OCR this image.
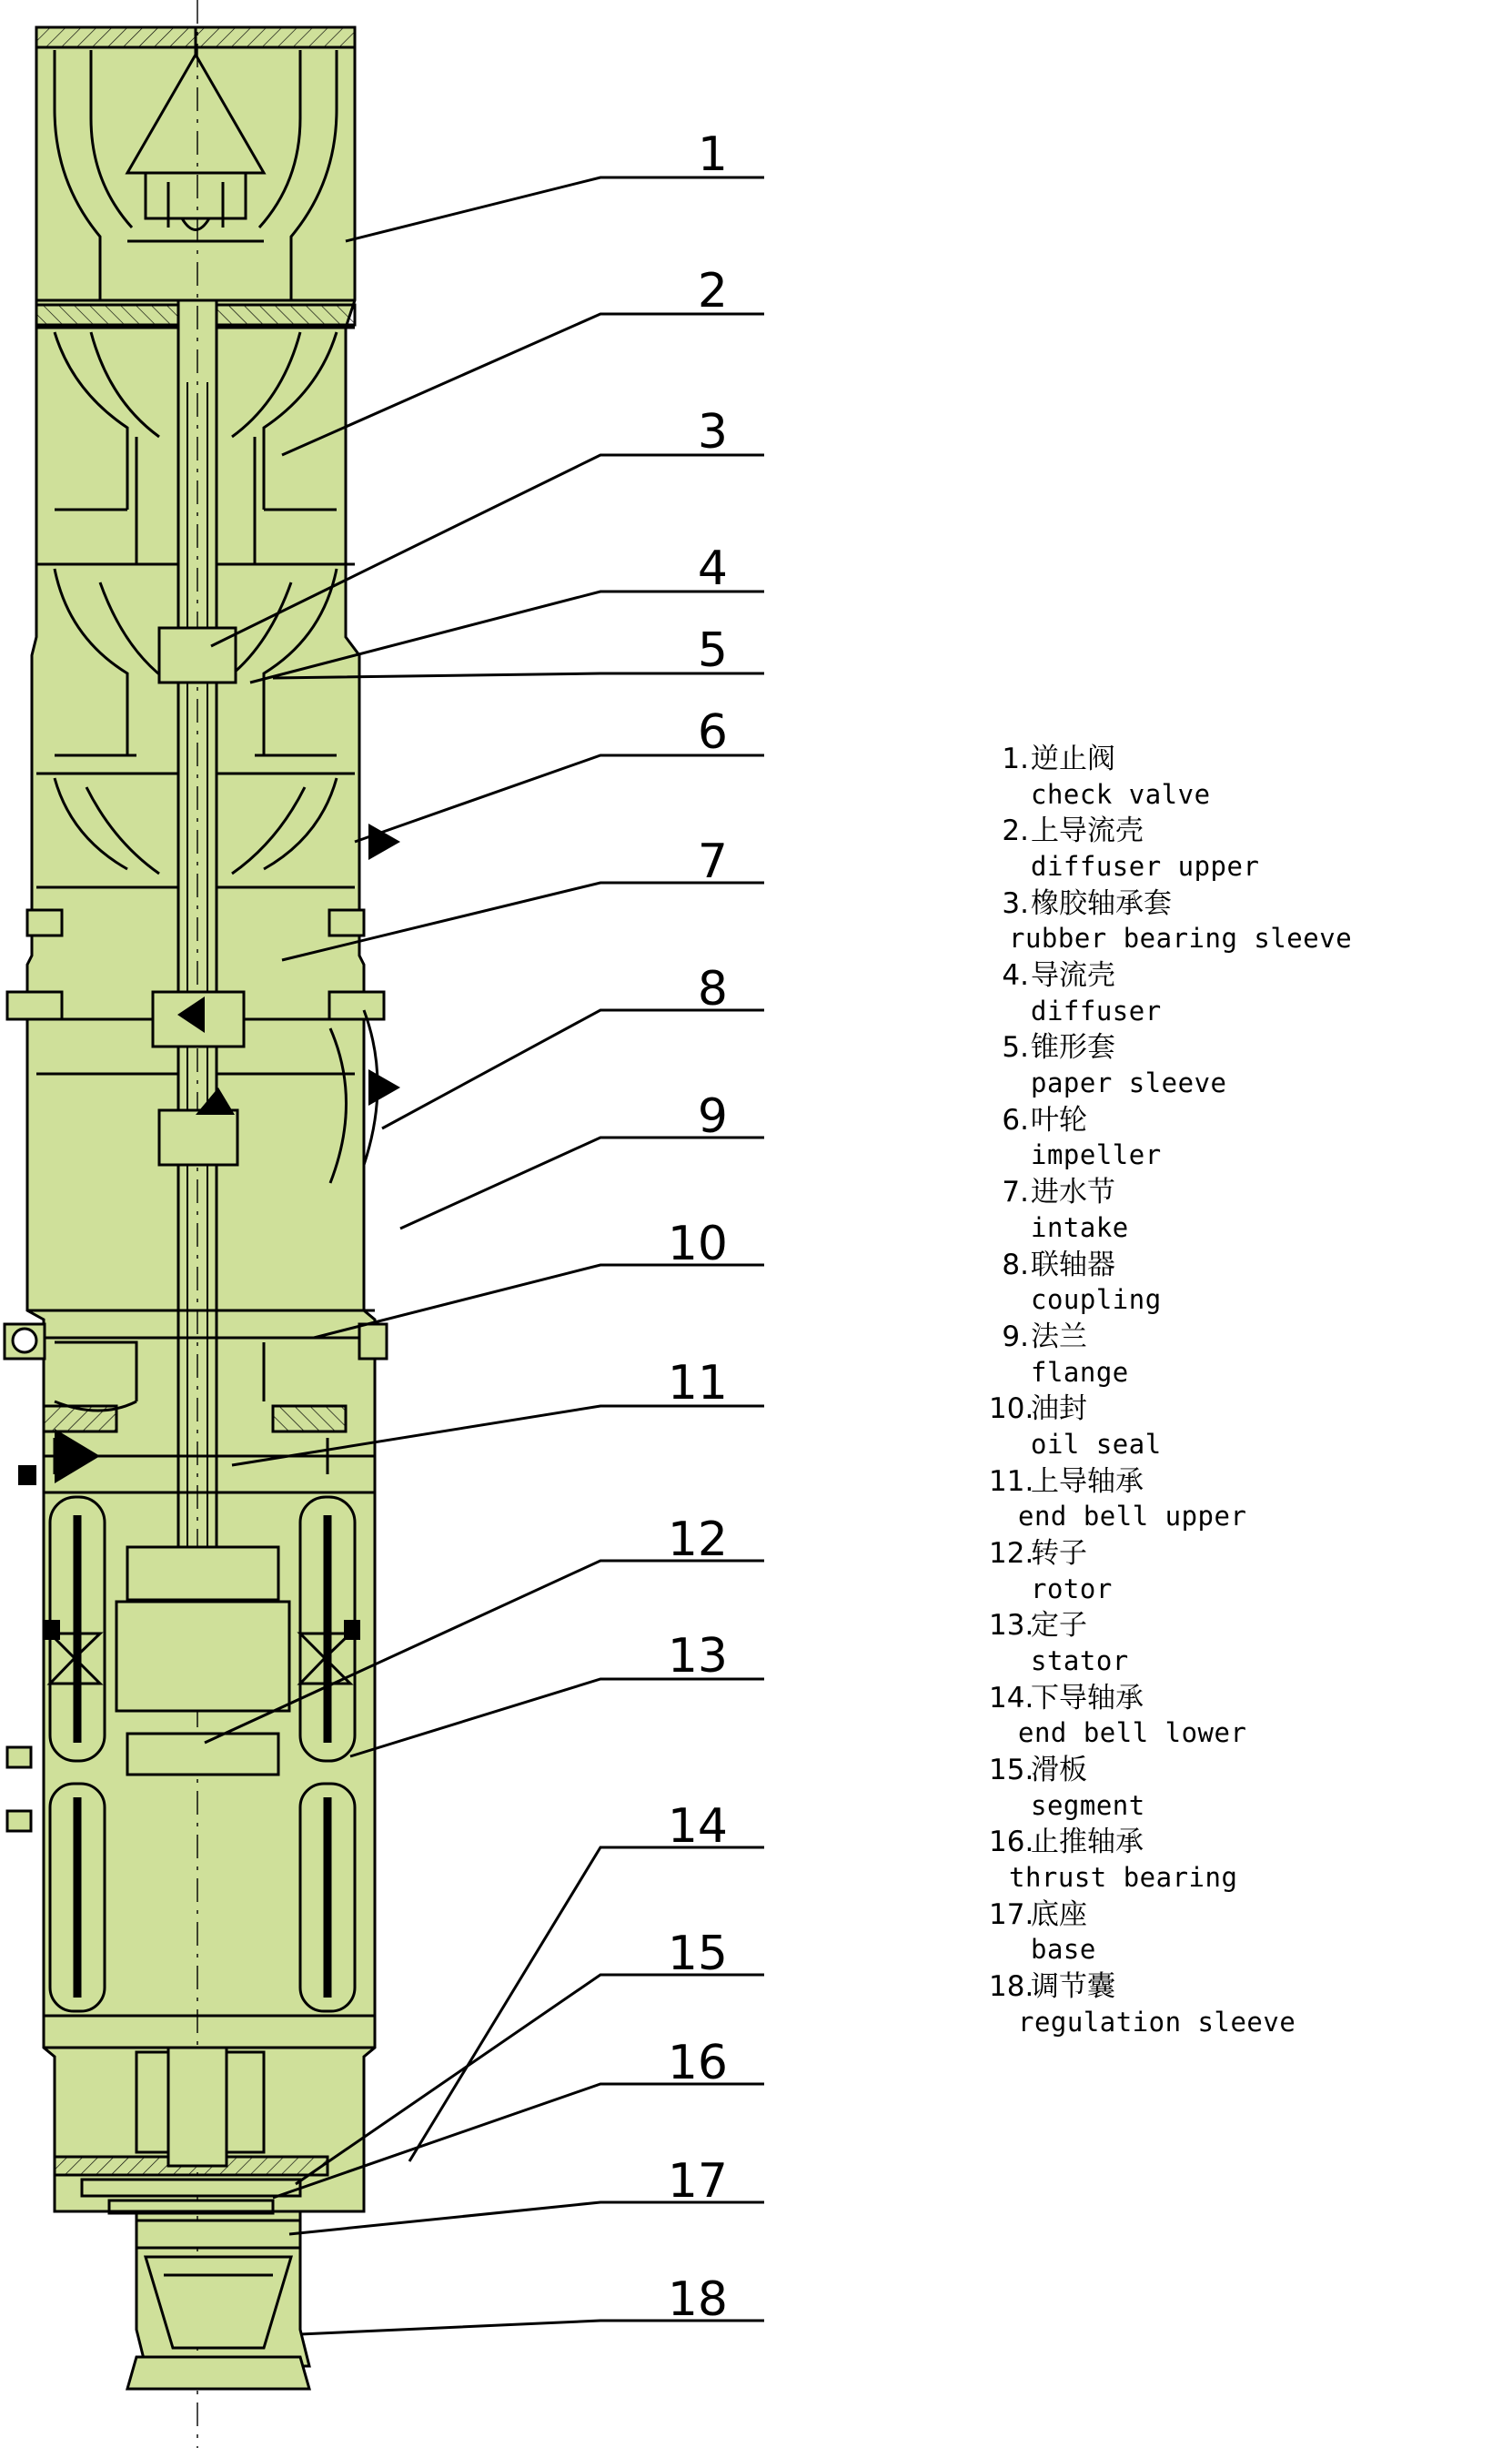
1
2
3
4
5
6
7
8
9
10
11
12
13
14
15
16
17
18
1.逆止阀
check valve
2.上导流壳
diffuser upper
3.橡胶轴承套
rubber bearing sleeve
4.导流壳
diffuser
5.锥形套
paper sleeve
6.叶轮
impeller
7.进水节
intake
8.联轴器
coupling
9.法兰
flange
10.油封
oil seal
11.上导轴承
end bell upper
12.转子
rotor
13.定子
stator
14.下导轴承
end bell lower
15.滑板
segment
16.止推轴承
thrust bearing
17.底座
base
18.调节囊
regulation sleeve
